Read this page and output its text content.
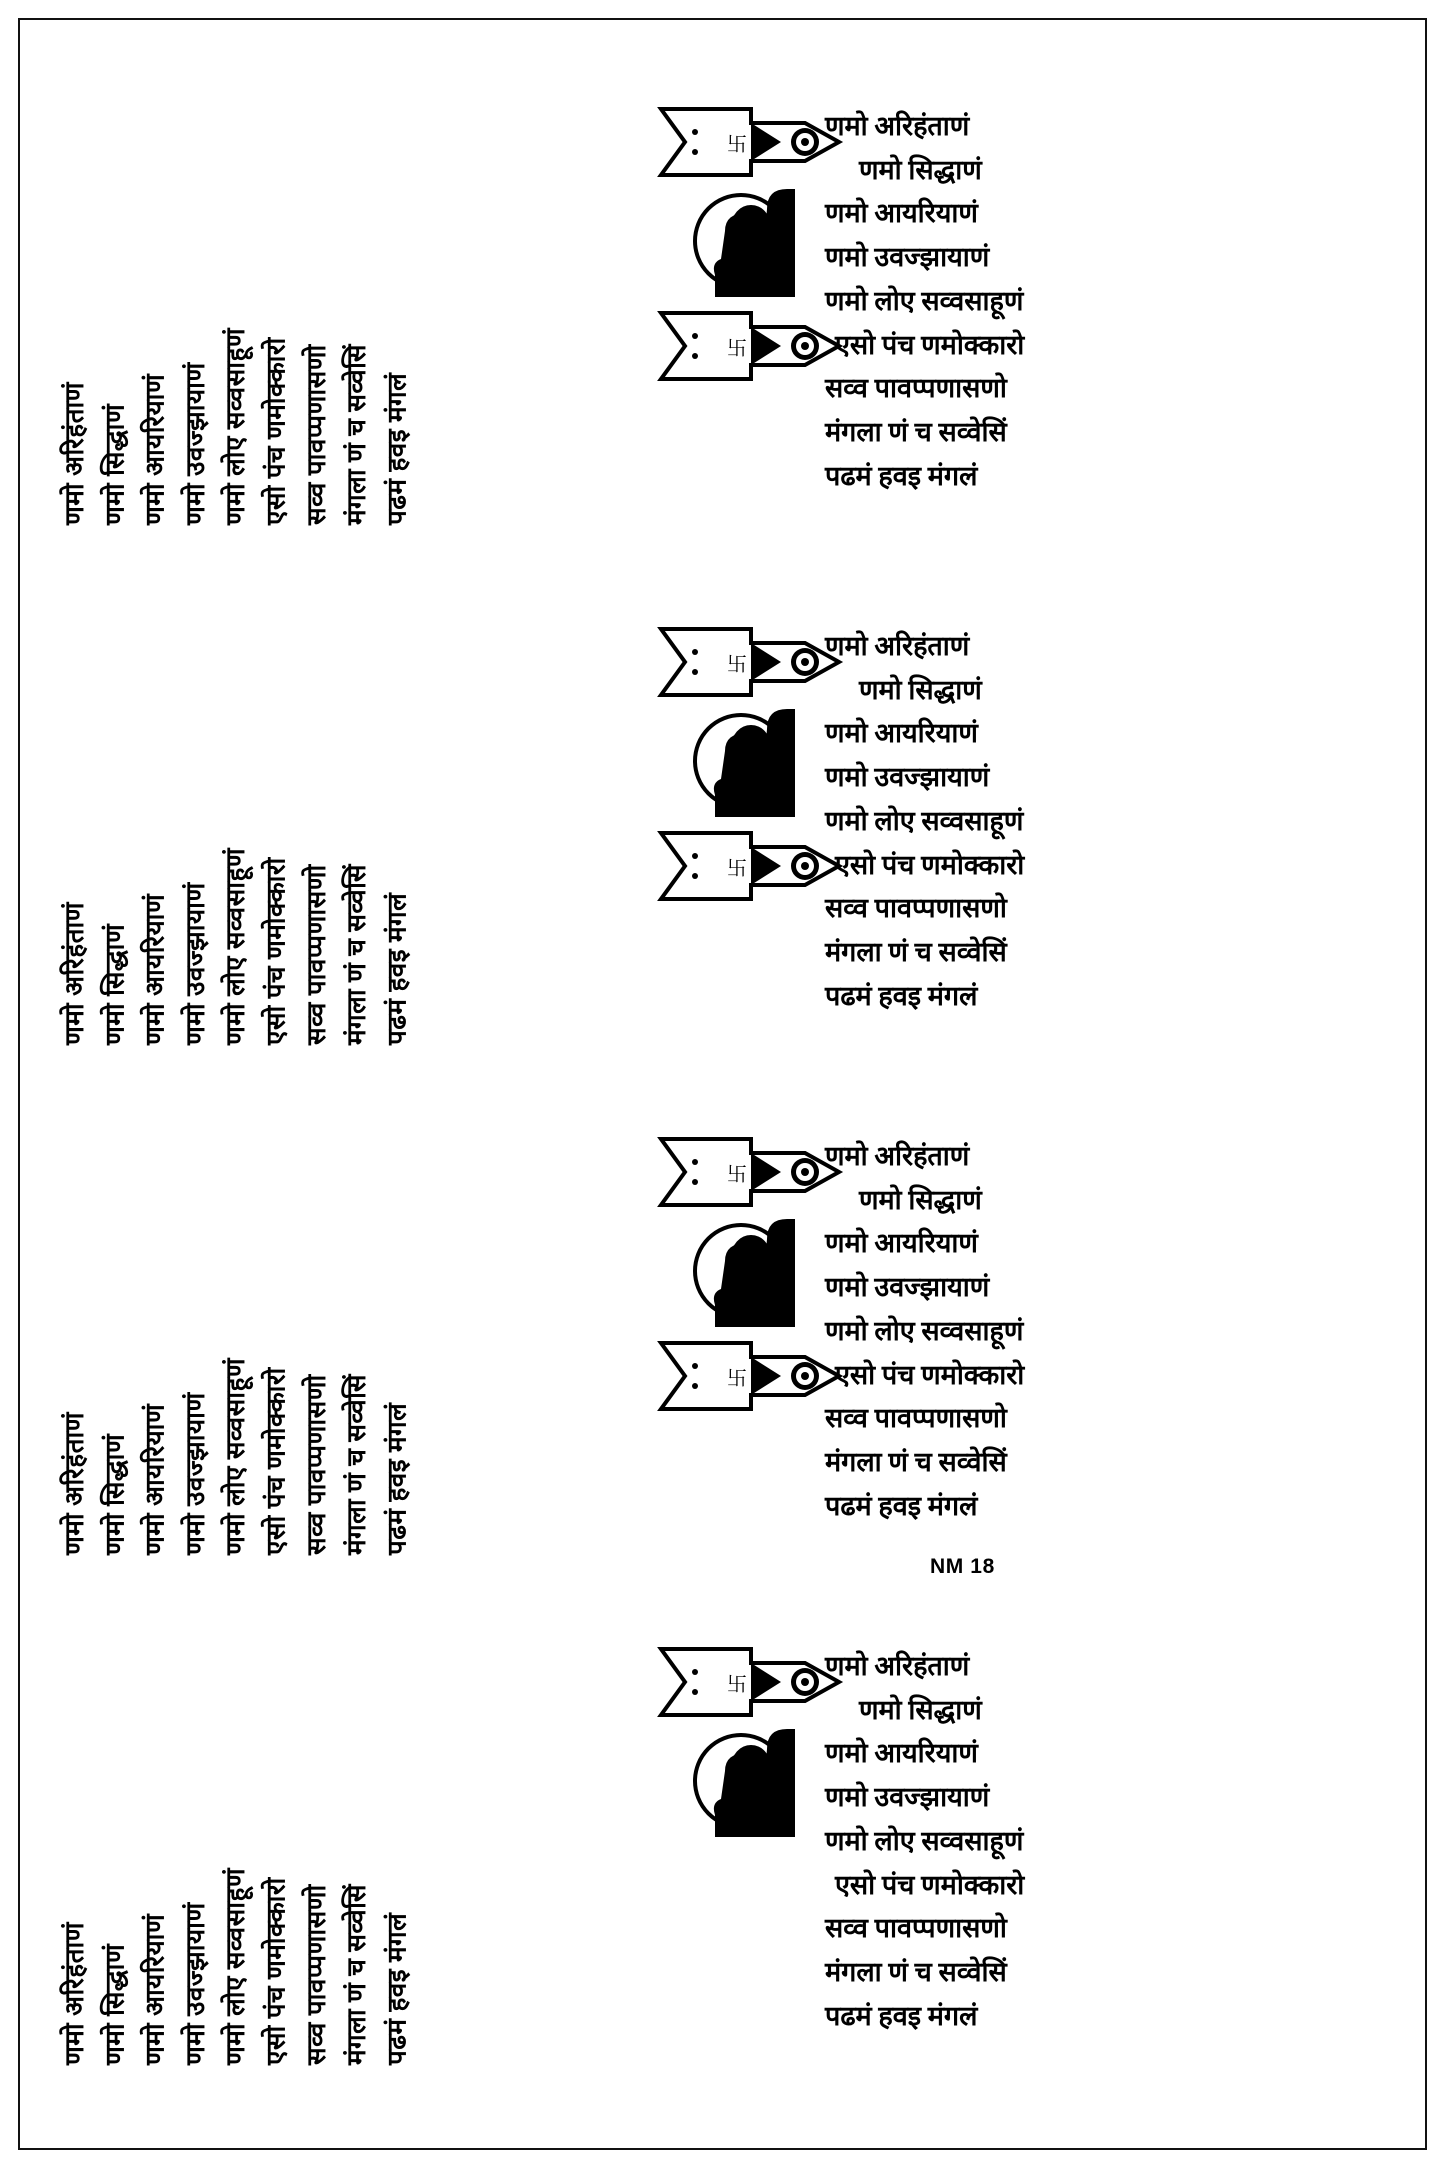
णमो अरिहंताणं णमो सिद्धाणं णमो आयरियाणं णमो उवज्झायाणं णमो लोए सव्वसाहूणं एसो पंच णमोक्कारो सव्व पावप्पणासणो मंगला णं च सव्वेसिं पढमं हवइ मंगलं
卐
卐
णमो अरिहंताणं
णमो सिद्धाणं
णमो आयरियाणं
णमो उवज्झायाणं
णमो लोए सव्वसाहूणं
एसो पंच णमोक्कारो
सव्व पावप्पणासणो
मंगला णं च सव्वेसिं
पढमं हवइ मंगलं
णमो अरिहंताणं णमो सिद्धाणं णमो आयरियाणं णमो उवज्झायाणं णमो लोए सव्वसाहूणं एसो पंच णमोक्कारो सव्व पावप्पणासणो मंगला णं च सव्वेसिं पढमं हवइ मंगलं
卐
卐
णमो अरिहंताणं
णमो सिद्धाणं
णमो आयरियाणं
णमो उवज्झायाणं
णमो लोए सव्वसाहूणं
एसो पंच णमोक्कारो
सव्व पावप्पणासणो
मंगला णं च सव्वेसिं
पढमं हवइ मंगलं
णमो अरिहंताणं णमो सिद्धाणं णमो आयरियाणं णमो उवज्झायाणं णमो लोए सव्वसाहूणं एसो पंच णमोक्कारो सव्व पावप्पणासणो मंगला णं च सव्वेसिं पढमं हवइ मंगलं
卐
卐
णमो अरिहंताणं
णमो सिद्धाणं
णमो आयरियाणं
णमो उवज्झायाणं
णमो लोए सव्वसाहूणं
एसो पंच णमोक्कारो
सव्व पावप्पणासणो
मंगला णं च सव्वेसिं
पढमं हवइ मंगलं
णमो अरिहंताणं णमो सिद्धाणं णमो आयरियाणं णमो उवज्झायाणं णमो लोए सव्वसाहूणं एसो पंच णमोक्कारो सव्व पावप्पणासणो मंगला णं च सव्वेसिं पढमं हवइ मंगलं
卐
णमो अरिहंताणं
णमो सिद्धाणं
णमो आयरियाणं
णमो उवज्झायाणं
णमो लोए सव्वसाहूणं
एसो पंच णमोक्कारो
सव्व पावप्पणासणो
मंगला णं च सव्वेसिं
पढमं हवइ मंगलं
NM 18
